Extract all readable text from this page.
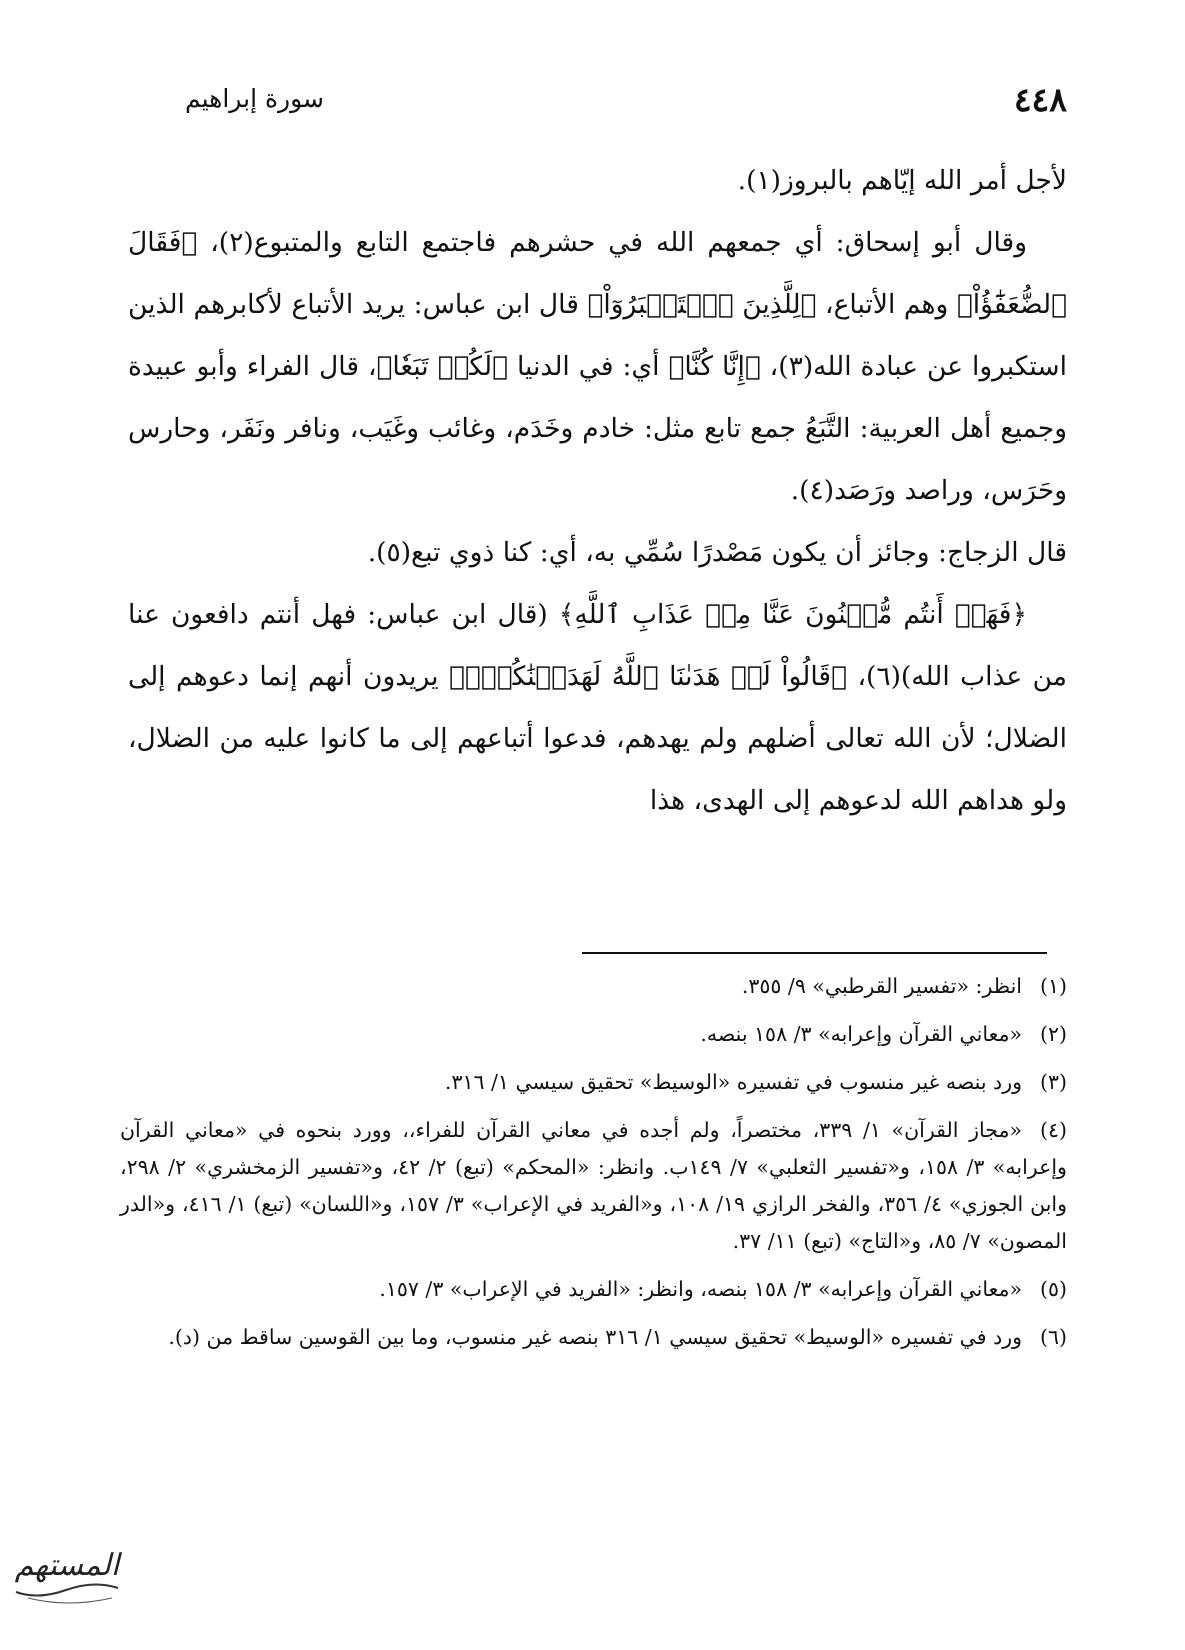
٤٤٨
سورة إبراهيم

لأجل أمر الله إيّاهم بالبروز(١).

وقال أبو إسحاق: أي جمعهم الله في حشرهم فاجتمع التابع والمتبوع(٢)، ﴿فَقَالَ ٱلضُّعَفَٰٓؤُاْ﴾ وهم الأتباع، ﴿لِلَّذِينَ ٱسۡتَكۡبَرُوٓاْ﴾ قال ابن عباس: يريد الأتباع لأكابرهم الذين استكبروا عن عبادة الله(٣)، ﴿إِنَّا كُنَّا﴾ أي: في الدنيا ﴿لَكُمۡ تَبَعٗا﴾، قال الفراء وأبو عبيدة وجميع أهل العربية: التَّبَعُ جمع تابع مثل: خادم وخَدَم، وغائب وغَيَب، ونافر ونَفَر، وحارس وحَرَس، وراصد ورَصَد(٤).

قال الزجاج: وجائز أن يكون مَصْدرًا سُمِّي به، أي: كنا ذوي تبع(٥).

﴿فَهَلۡ أَنتُم مُّغۡنُونَ عَنَّا مِنۡ عَذَابِ ٱللَّهِ﴾ (قال ابن عباس: فهل أنتم دافعون عنا من عذاب الله)(٦)، ﴿قَالُواْ لَوۡ هَدَىٰنَا ٱللَّهُ لَهَدَيۡنَٰكُمۡۖ﴾ يريدون أنهم إنما دعوهم إلى الضلال؛ لأن الله تعالى أضلهم ولم يهدهم، فدعوا أتباعهم إلى ما كانوا عليه من الضلال، ولو هداهم الله لدعوهم إلى الهدى، هذا

(١)انظر: «تفسير القرطبي» ٩/ ٣٥٥.

(٢)«معاني القرآن وإعرابه» ٣/ ١٥٨ بنصه.

(٣)ورد بنصه غير منسوب في تفسيره «الوسيط» تحقيق سيسي ١/ ٣١٦.

(٤)«مجاز القرآن» ١/ ٣٣٩، مختصراً، ولم أجده في معاني القرآن للفراء،، وورد بنحوه في «معاني القرآن وإعرابه» ٣/ ١٥٨، و«تفسير الثعلبي» ٧/ ١٤٩ب. وانظر: «المحكم» (تبع) ٢/ ٤٢، و«تفسير الزمخشري» ٢/ ٢٩٨، وابن الجوزي» ٤/ ٣٥٦، والفخر الرازي ١٩/ ١٠٨، و«الفريد في الإعراب» ٣/ ١٥٧، و«اللسان» (تبع) ١/ ٤١٦، و«الدر المصون» ٧/ ٨٥، و«التاج» (تبع) ١١/ ٣٧.

(٥)«معاني القرآن وإعرابه» ٣/ ١٥٨ بنصه، وانظر: «الفريد في الإعراب» ٣/ ١٥٧.

(٦)ورد في تفسيره «الوسيط» تحقيق سيسي ١/ ٣١٦ بنصه غير منسوب، وما بين القوسين ساقط من (د).

المستهم
